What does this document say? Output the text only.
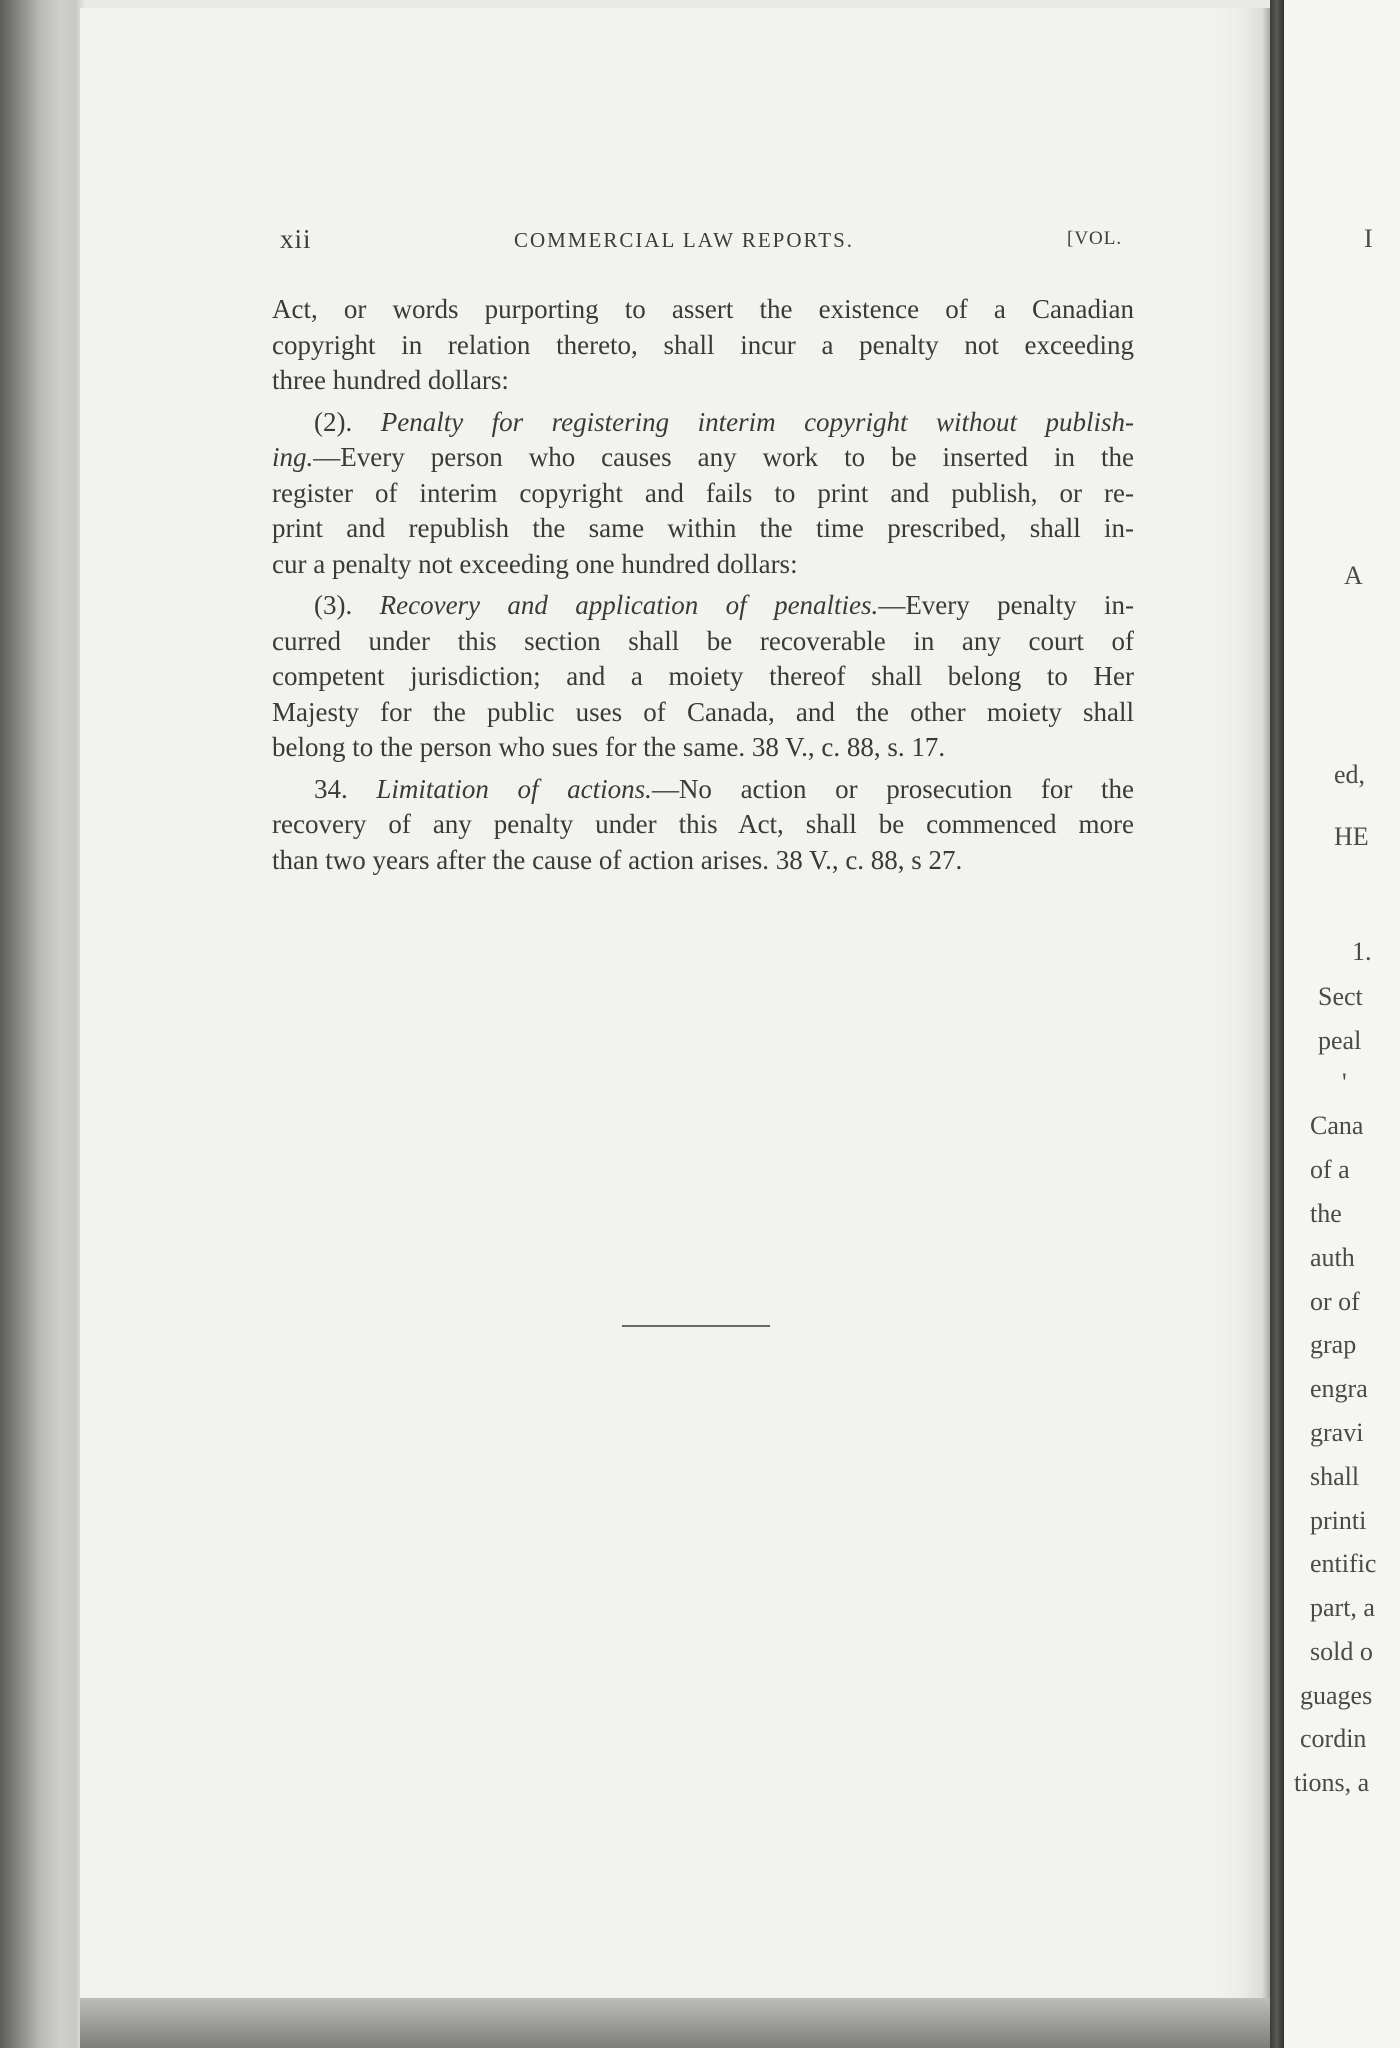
xii	COMMERCIAL LAW REPORTS.	[VOL.
Act, or words purporting to assert the existence of a Canadian
copyright in relation thereto, shall incur a penalty not exceeding
three hundred dollars:
(2). Penalty for registering interim copyright without publish-
ing.—Every person who causes any work to be inserted in the
register of interim copyright and fails to print and publish, or re-
print and republish the same within the time prescribed, shall in-
cur a penalty not exceeding one hundred dollars:
(3). Recovery and application of penalties.—Every penalty in-
curred under this section shall be recoverable in any court of
competent jurisdiction; and a moiety thereof shall belong to Her
Majesty for the public uses of Canada, and the other moiety shall
belong to the person who sues for the same. 38 V., c. 88, s. 17.
34. Limitation of actions.—No action or prosecution for the
recovery of any penalty under this Act, shall be commenced more
than two years after the cause of action arises. 38 V., c. 88, s 27.
I
A
ed,
HE
1.
Sect
peal
'
Cana
of a
the
auth
or of
grap
engra
gravi
shall
printi
entific
part, a
sold o
guages
cordin
tions, a
